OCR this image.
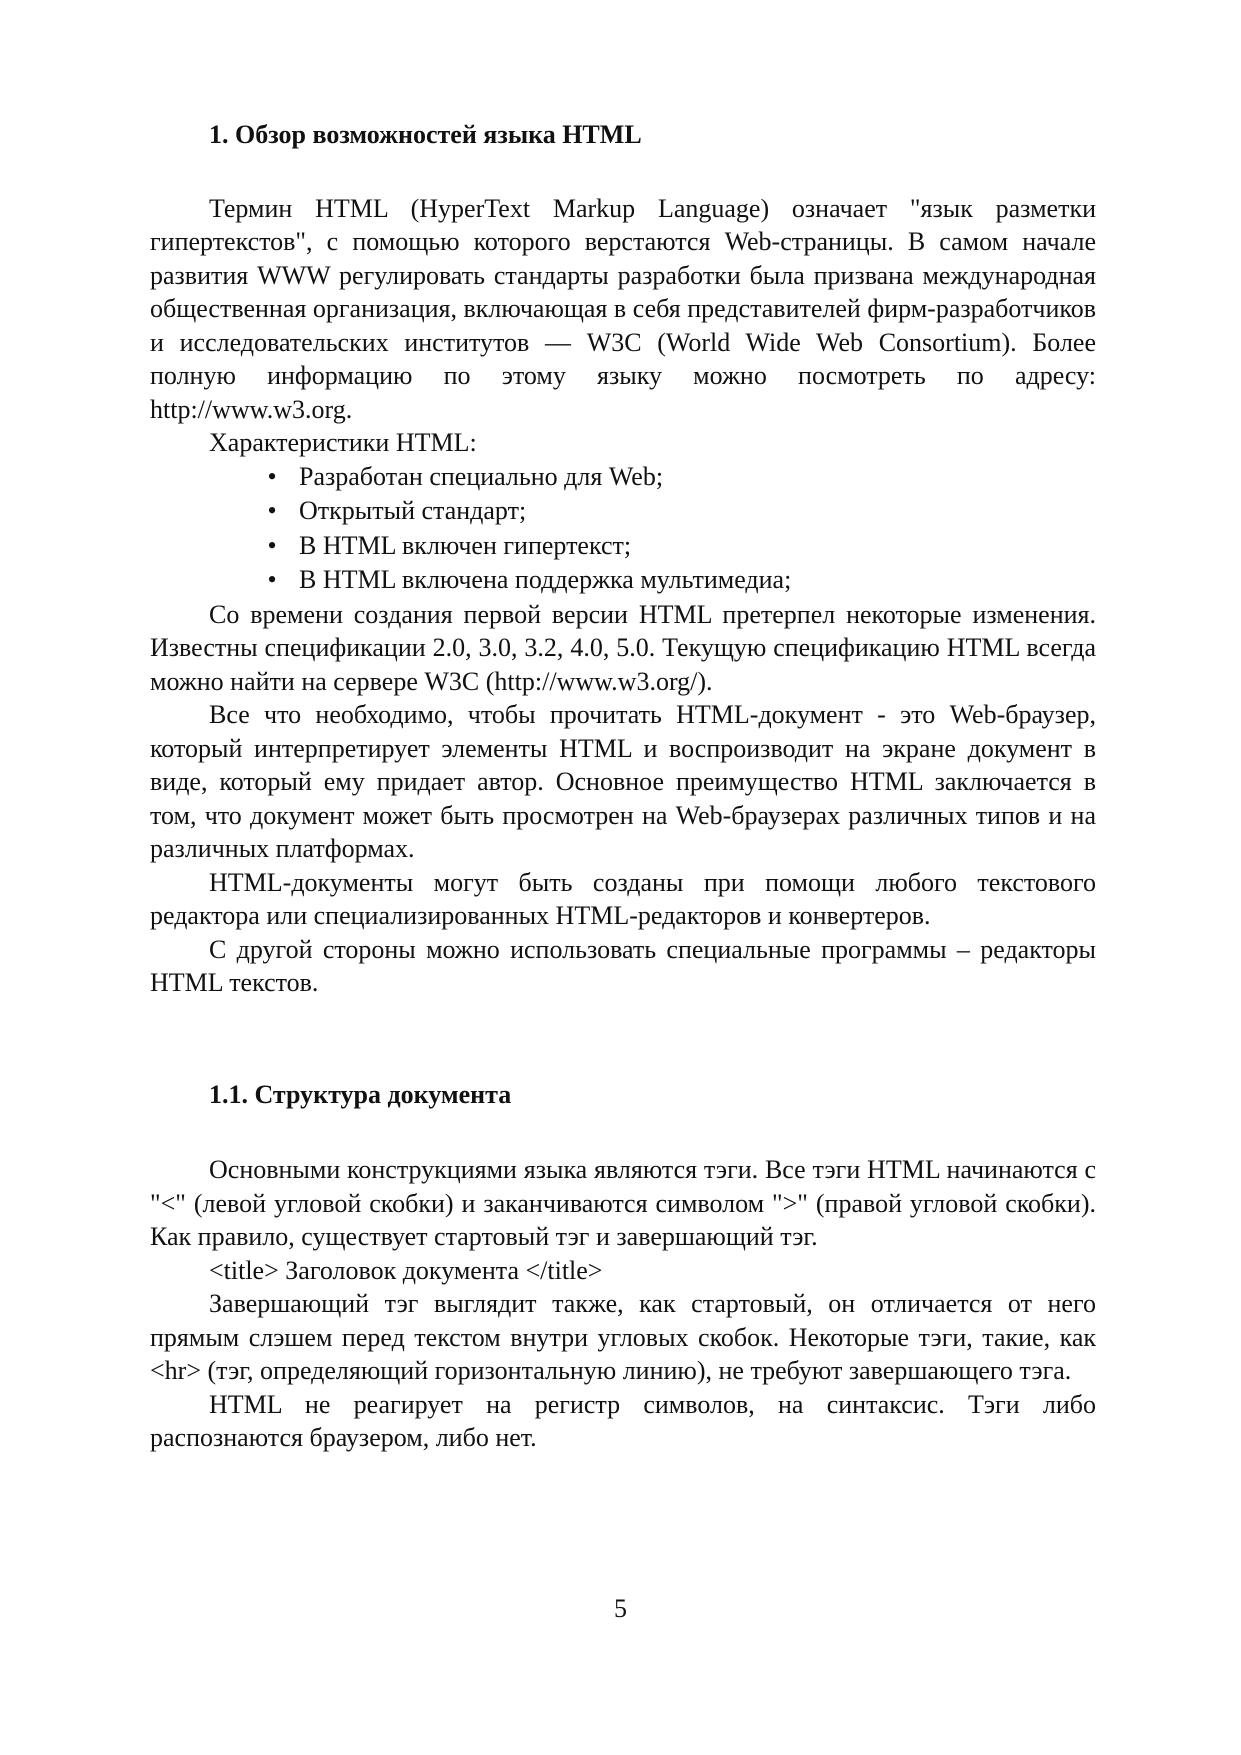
1. Обзор возможностей языка HTML

Термин HTML (HyperText Markup Language) означает "язык разметки гипертекстов", с помощью которого верстаются Web-страницы. В самом начале развития WWW регулировать стандарты разработки была призвана международная общественная организация, включающая в себя представителей фирм-разработчиков и исследовательских институтов — W3C (World Wide Web Consortium). Более полную информацию по этому языку можно посмотреть по адресу: http://www.w3.org.

Характеристики HTML:

• Разработан специально для Web;
• Открытый стандарт;
• В HTML включен гипертекст;
• В HTML включена поддержка мультимедиа;

Со времени создания первой версии HTML претерпел некоторые изменения. Известны спецификации 2.0, 3.0, 3.2, 4.0, 5.0. Текущую спецификацию HTML всегда можно найти на сервере W3C (http://www.w3.org/).

Все что необходимо, чтобы прочитать HTML-документ - это Web-браузер, который интерпретирует элементы HTML и воспроизводит на экране документ в виде, который ему придает автор. Основное преимущество HTML заключается в том, что документ может быть просмотрен на Web-браузерах различных типов и на различных платформах.

HTML-документы могут быть созданы при помощи любого текстового редактора или специализированных HTML-редакторов и конвертеров.

С другой стороны можно использовать специальные программы – редакторы HTML текстов.

1.1. Структура документа

Основными конструкциями языка являются тэги. Все тэги HTML начинаются с "<" (левой угловой скобки) и заканчиваются символом ">" (правой угловой скобки). Как правило, существует стартовый тэг и завершающий тэг.

<title> Заголовок документа </title>

Завершающий тэг выглядит также, как стартовый, он отличается от него прямым слэшем перед текстом внутри угловых скобок. Некоторые тэги, такие, как <hr> (тэг, определяющий горизонтальную линию), не требуют завершающего тэга.

HTML не реагирует на регистр символов, на синтаксис. Тэги либо распознаются браузером, либо нет.

5
